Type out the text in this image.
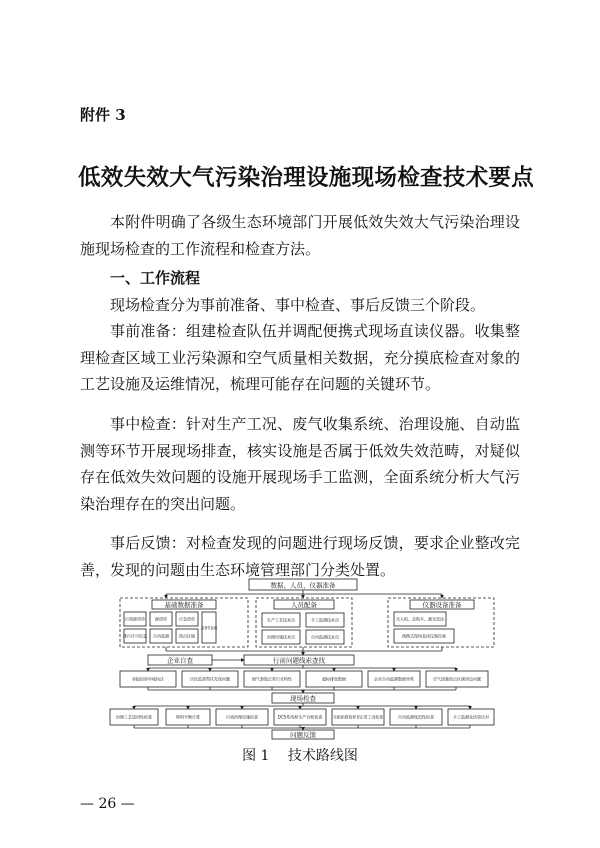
附件 3
低效失效大气污染治理设施现场检查技术要点

本附件明确了各级生态环境部门开展低效失效大气污染治理设施现场检查的工作流程和检查方法。

一、工作流程

现场检查分为事前准备、事中检查、事后反馈三个阶段。

事前准备：组建检查队伍并调配便携式现场直读仪器。收集整理检查区域工业污染源和空气质量相关数据，充分摸底检查对象的工艺设施及运维情况，梳理可能存在问题的关键环节。

事中检查：针对生产工况、废气收集系统、治理设施、自动监测等环节开展现场排查，核实设施是否属于低效失效范畴，对疑似存在低效失效问题的设施开展现场手工监测，全面系统分析大气污染治理存在的突出问题。

事后反馈：对检查发现的问题进行现场反馈，要求企业整改完善，发现的问题由生态环境管理部门分类处置。

数据、人员、仪器准备
基础数据准备	人员配备	仪器设备准备
企业自查	行前问题线索查找
现场检查
问题反馈
污染源清单	源清单	应急清单
排污许可信息 自动监测	热点区域
监督性监测
生产工艺技术员	手工监测技术员
治理设施技术员	自动监测技术员
无人机、走航车、激光雷达
便携式现场直读仪器设备
举报投诉环境执法	历次监督帮扶发现问题	烟气参数正常行业特性	超标排放数据	企业自动监测数据异常	空气质量热点区域周边问题
治理工艺适用性检查	物料平衡计算	污染治理设施检查	DCS系统和生产台账检查	无组织排放和非正常工况检查	自动监测规范性检查	手工监测及结果比对
图 1　 技术路线图
— 26 —
